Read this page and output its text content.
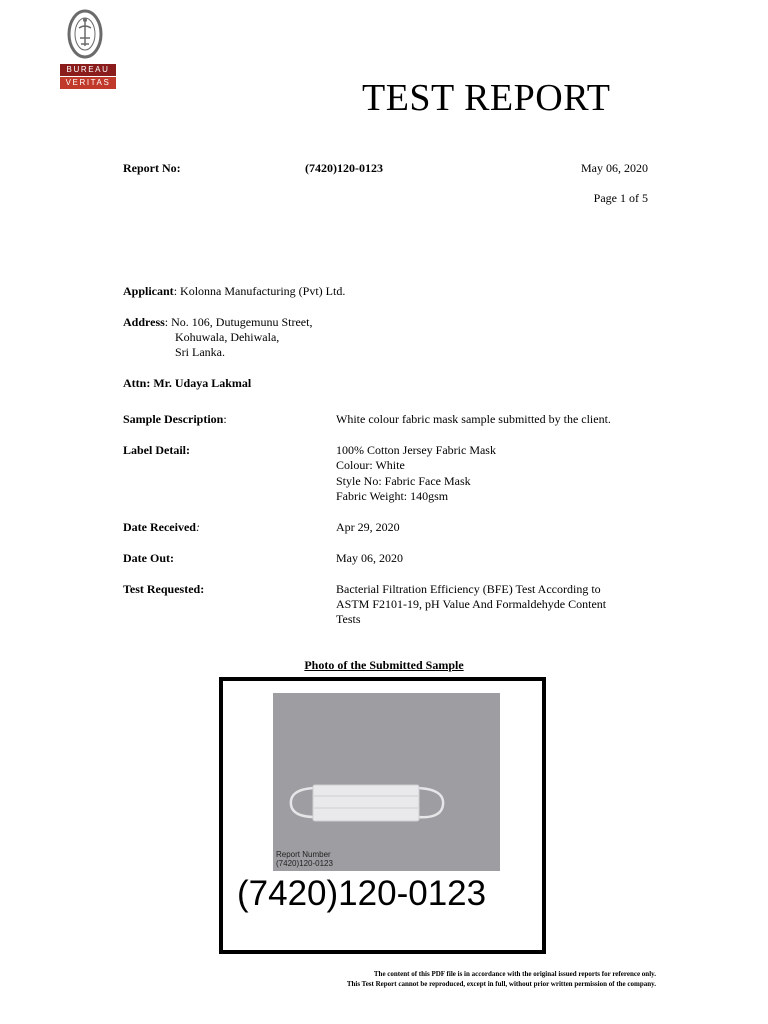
BUREAU
VERITAS	TEST REPORT
Report No:	(7420)120-0123	May 06, 2020
Page 1 of 5
Applicant: Kolonna Manufacturing (Pvt) Ltd.
Address: No. 106, Dutugemunu Street,
Kohuwala, Dehiwala,
Sri Lanka.
Attn: Mr. Udaya Lakmal
Sample Description:	White colour fabric mask sample submitted by the client.
Label Detail:	100% Cotton Jersey Fabric Mask
Colour: White
Style No: Fabric Face Mask
Fabric Weight: 140gsm
Date Received:	Apr 29, 2020
Date Out:	May 06, 2020
Test Requested:	Bacterial Filtration Efficiency (BFE) Test According to
ASTM F2101-19, pH Value And Formaldehyde Content
Tests
Photo of the Submitted Sample
Report Number
(7420)120-0123
(7420)120-0123
The content of this PDF file is in accordance with the original issued reports for reference only.
This Test Report cannot be reproduced, except in full, without prior written permission of the company.
